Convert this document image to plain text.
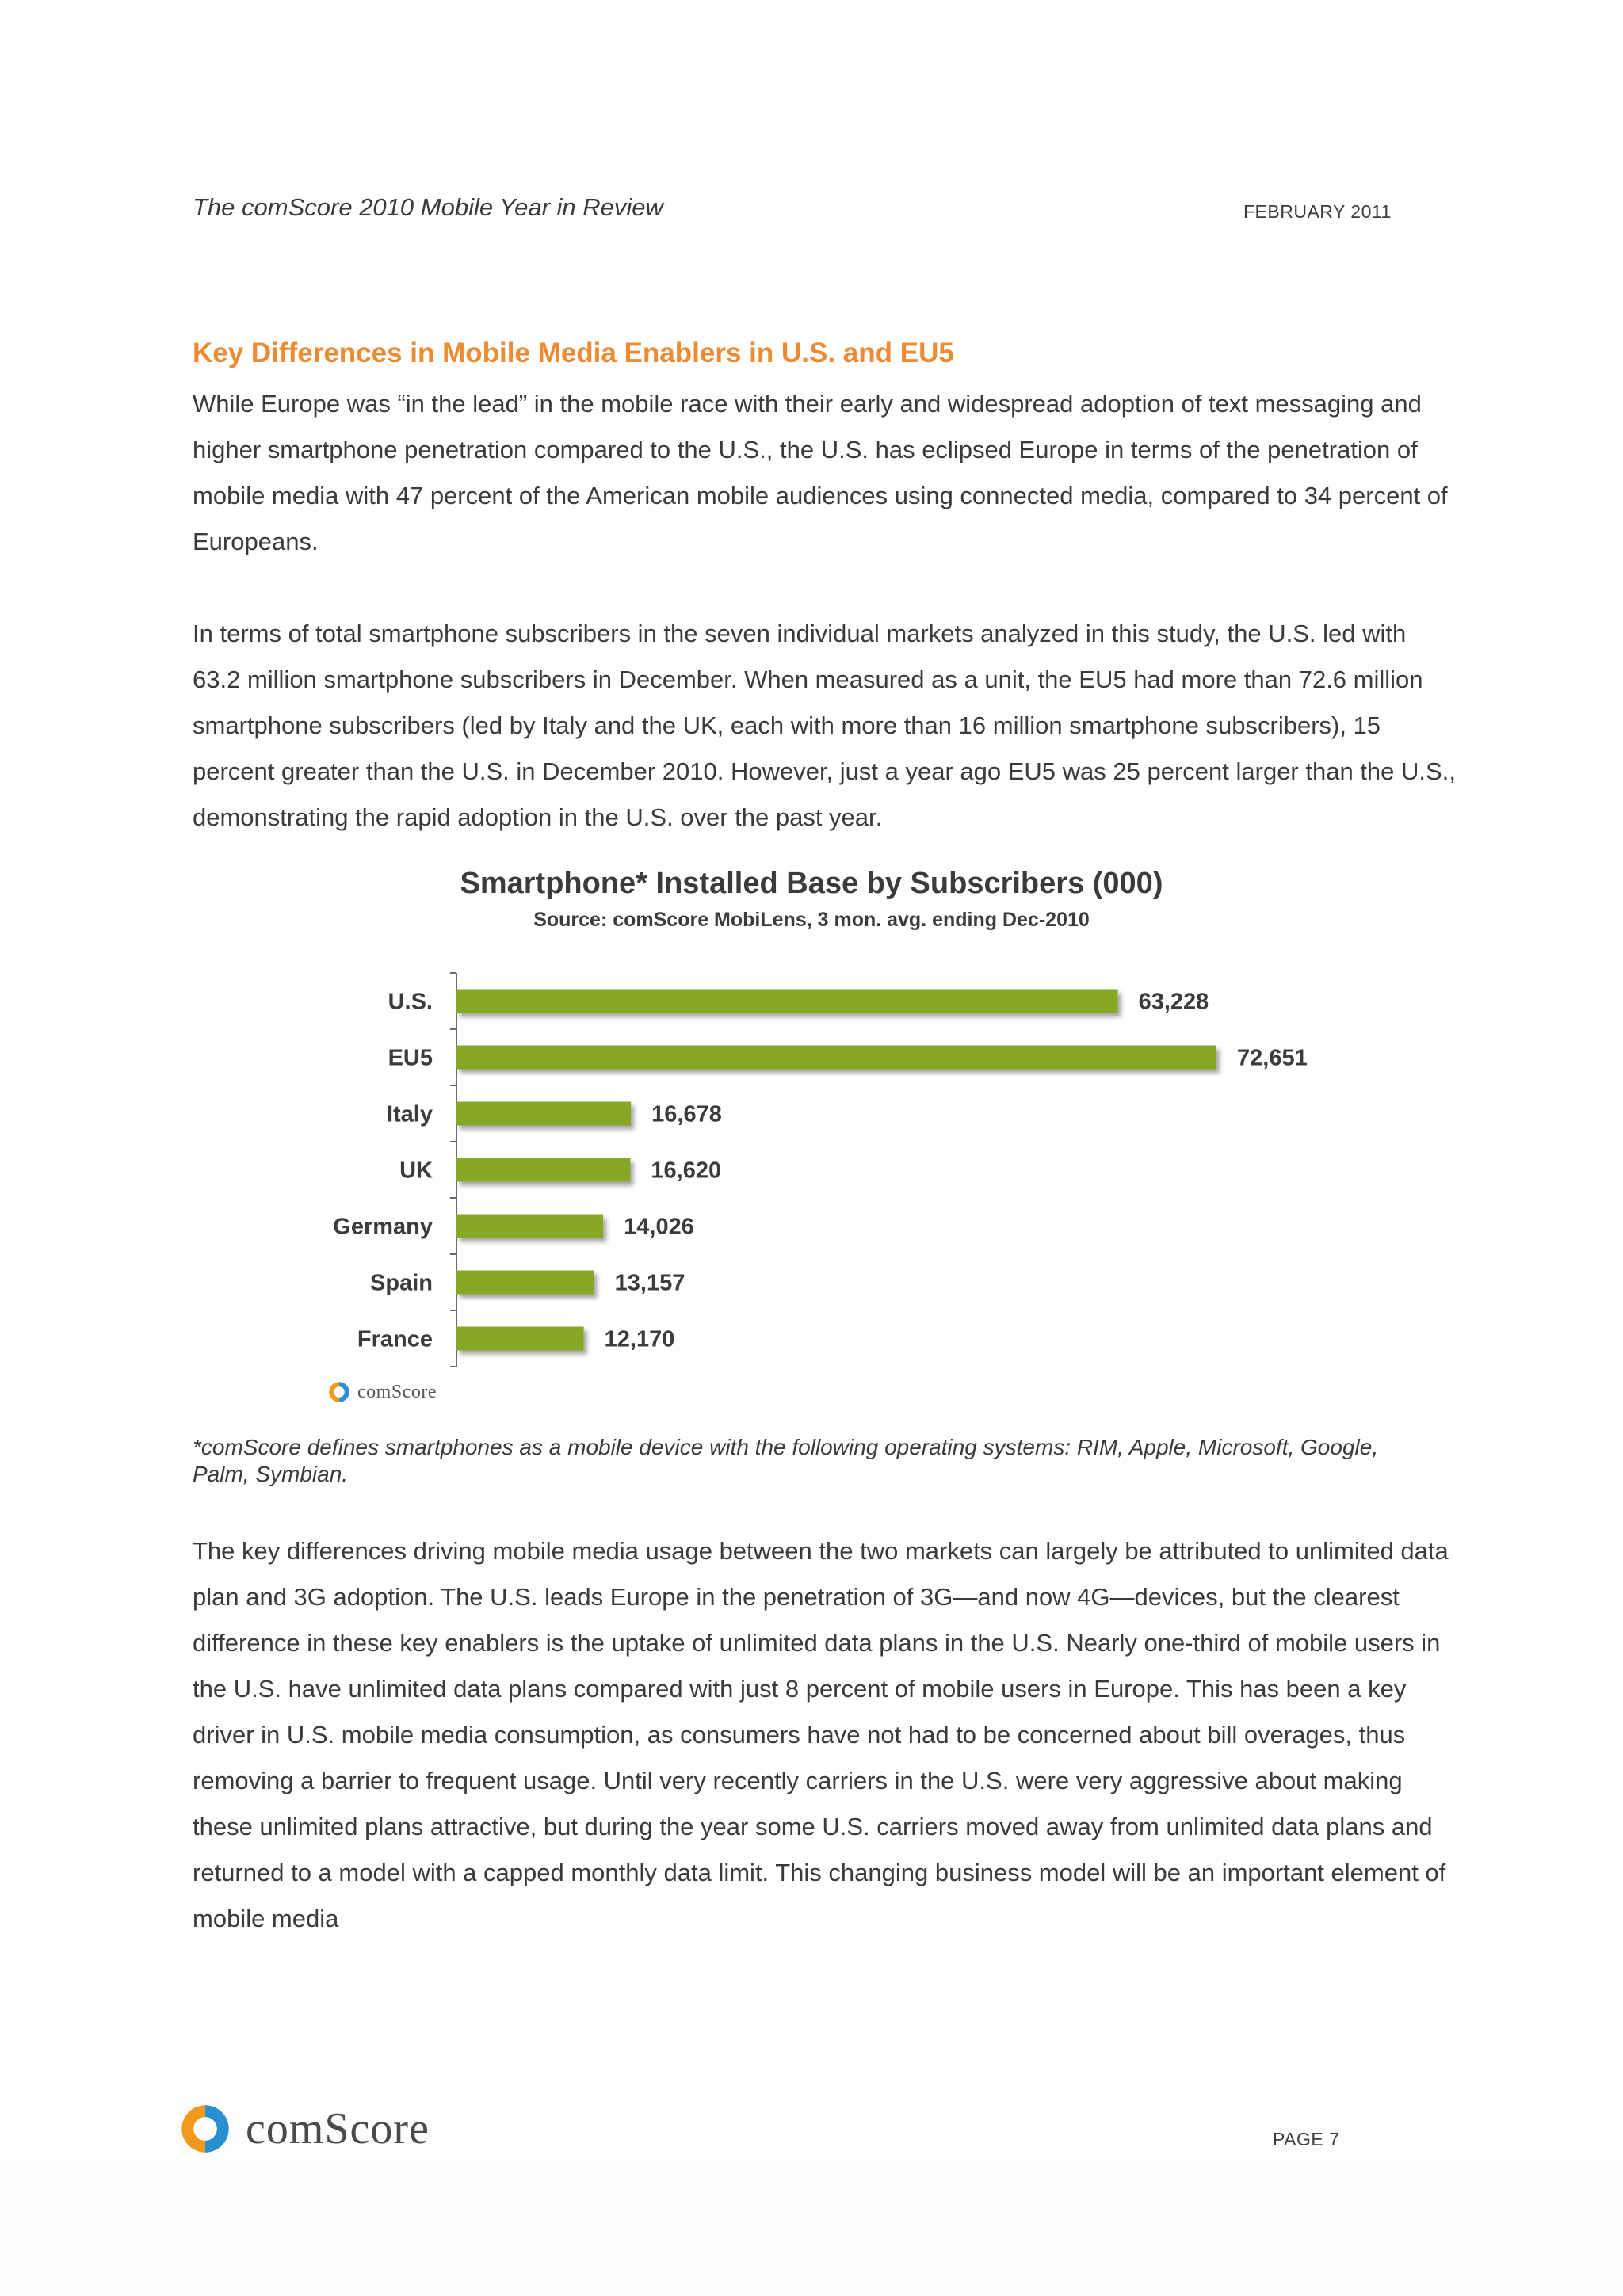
The comScore 2010 Mobile Year in Review	FEBRUARY 2011
Key Differences in Mobile Media Enablers in U.S. and EU5

While Europe was “in the lead” in the mobile race with their early and widespread adoption of text messaging and higher smartphone penetration compared to the U.S., the U.S. has eclipsed Europe in terms of the penetration of mobile media with 47 percent of the American mobile audiences using connected media, compared to 34 percent of Europeans.

In terms of total smartphone subscribers in the seven individual markets analyzed in this study, the U.S. led with 63.2 million smartphone subscribers in December. When measured as a unit, the EU5 had more than 72.6 million smartphone subscribers (led by Italy and the UK, each with more than 16 million smartphone subscribers), 15 percent greater than the U.S. in December 2010. However, just a year ago EU5 was 25 percent larger than the U.S., demonstrating the rapid adoption in the U.S. over the past year.

Smartphone* Installed Base by Subscribers (000)
Source: comScore MobiLens, 3 mon. avg. ending Dec-2010
U.S.	63,228
EU5	72,651
Italy	16,678
UK	16,620
Germany	14,026
Spain	13,157
France	12,170
comScore

*comScore defines smartphones as a mobile device with the following operating systems: RIM, Apple, Microsoft, Google, Palm, Symbian.

The key differences driving mobile media usage between the two markets can largely be attributed to unlimited data plan and 3G adoption. The U.S. leads Europe in the penetration of 3G—and now 4G—devices, but the clearest difference in these key enablers is the uptake of unlimited data plans in the U.S. Nearly one-third of mobile users in the U.S. have unlimited data plans compared with just 8 percent of mobile users in Europe. This has been a key driver in U.S. mobile media consumption, as consumers have not had to be concerned about bill overages, thus removing a barrier to frequent usage. Until very recently carriers in the U.S. were very aggressive about making these unlimited plans attractive, but during the year some U.S. carriers moved away from unlimited data plans and returned to a model with a capped monthly data limit. This changing business model will be an important element of mobile media

comScore	PAGE 7
